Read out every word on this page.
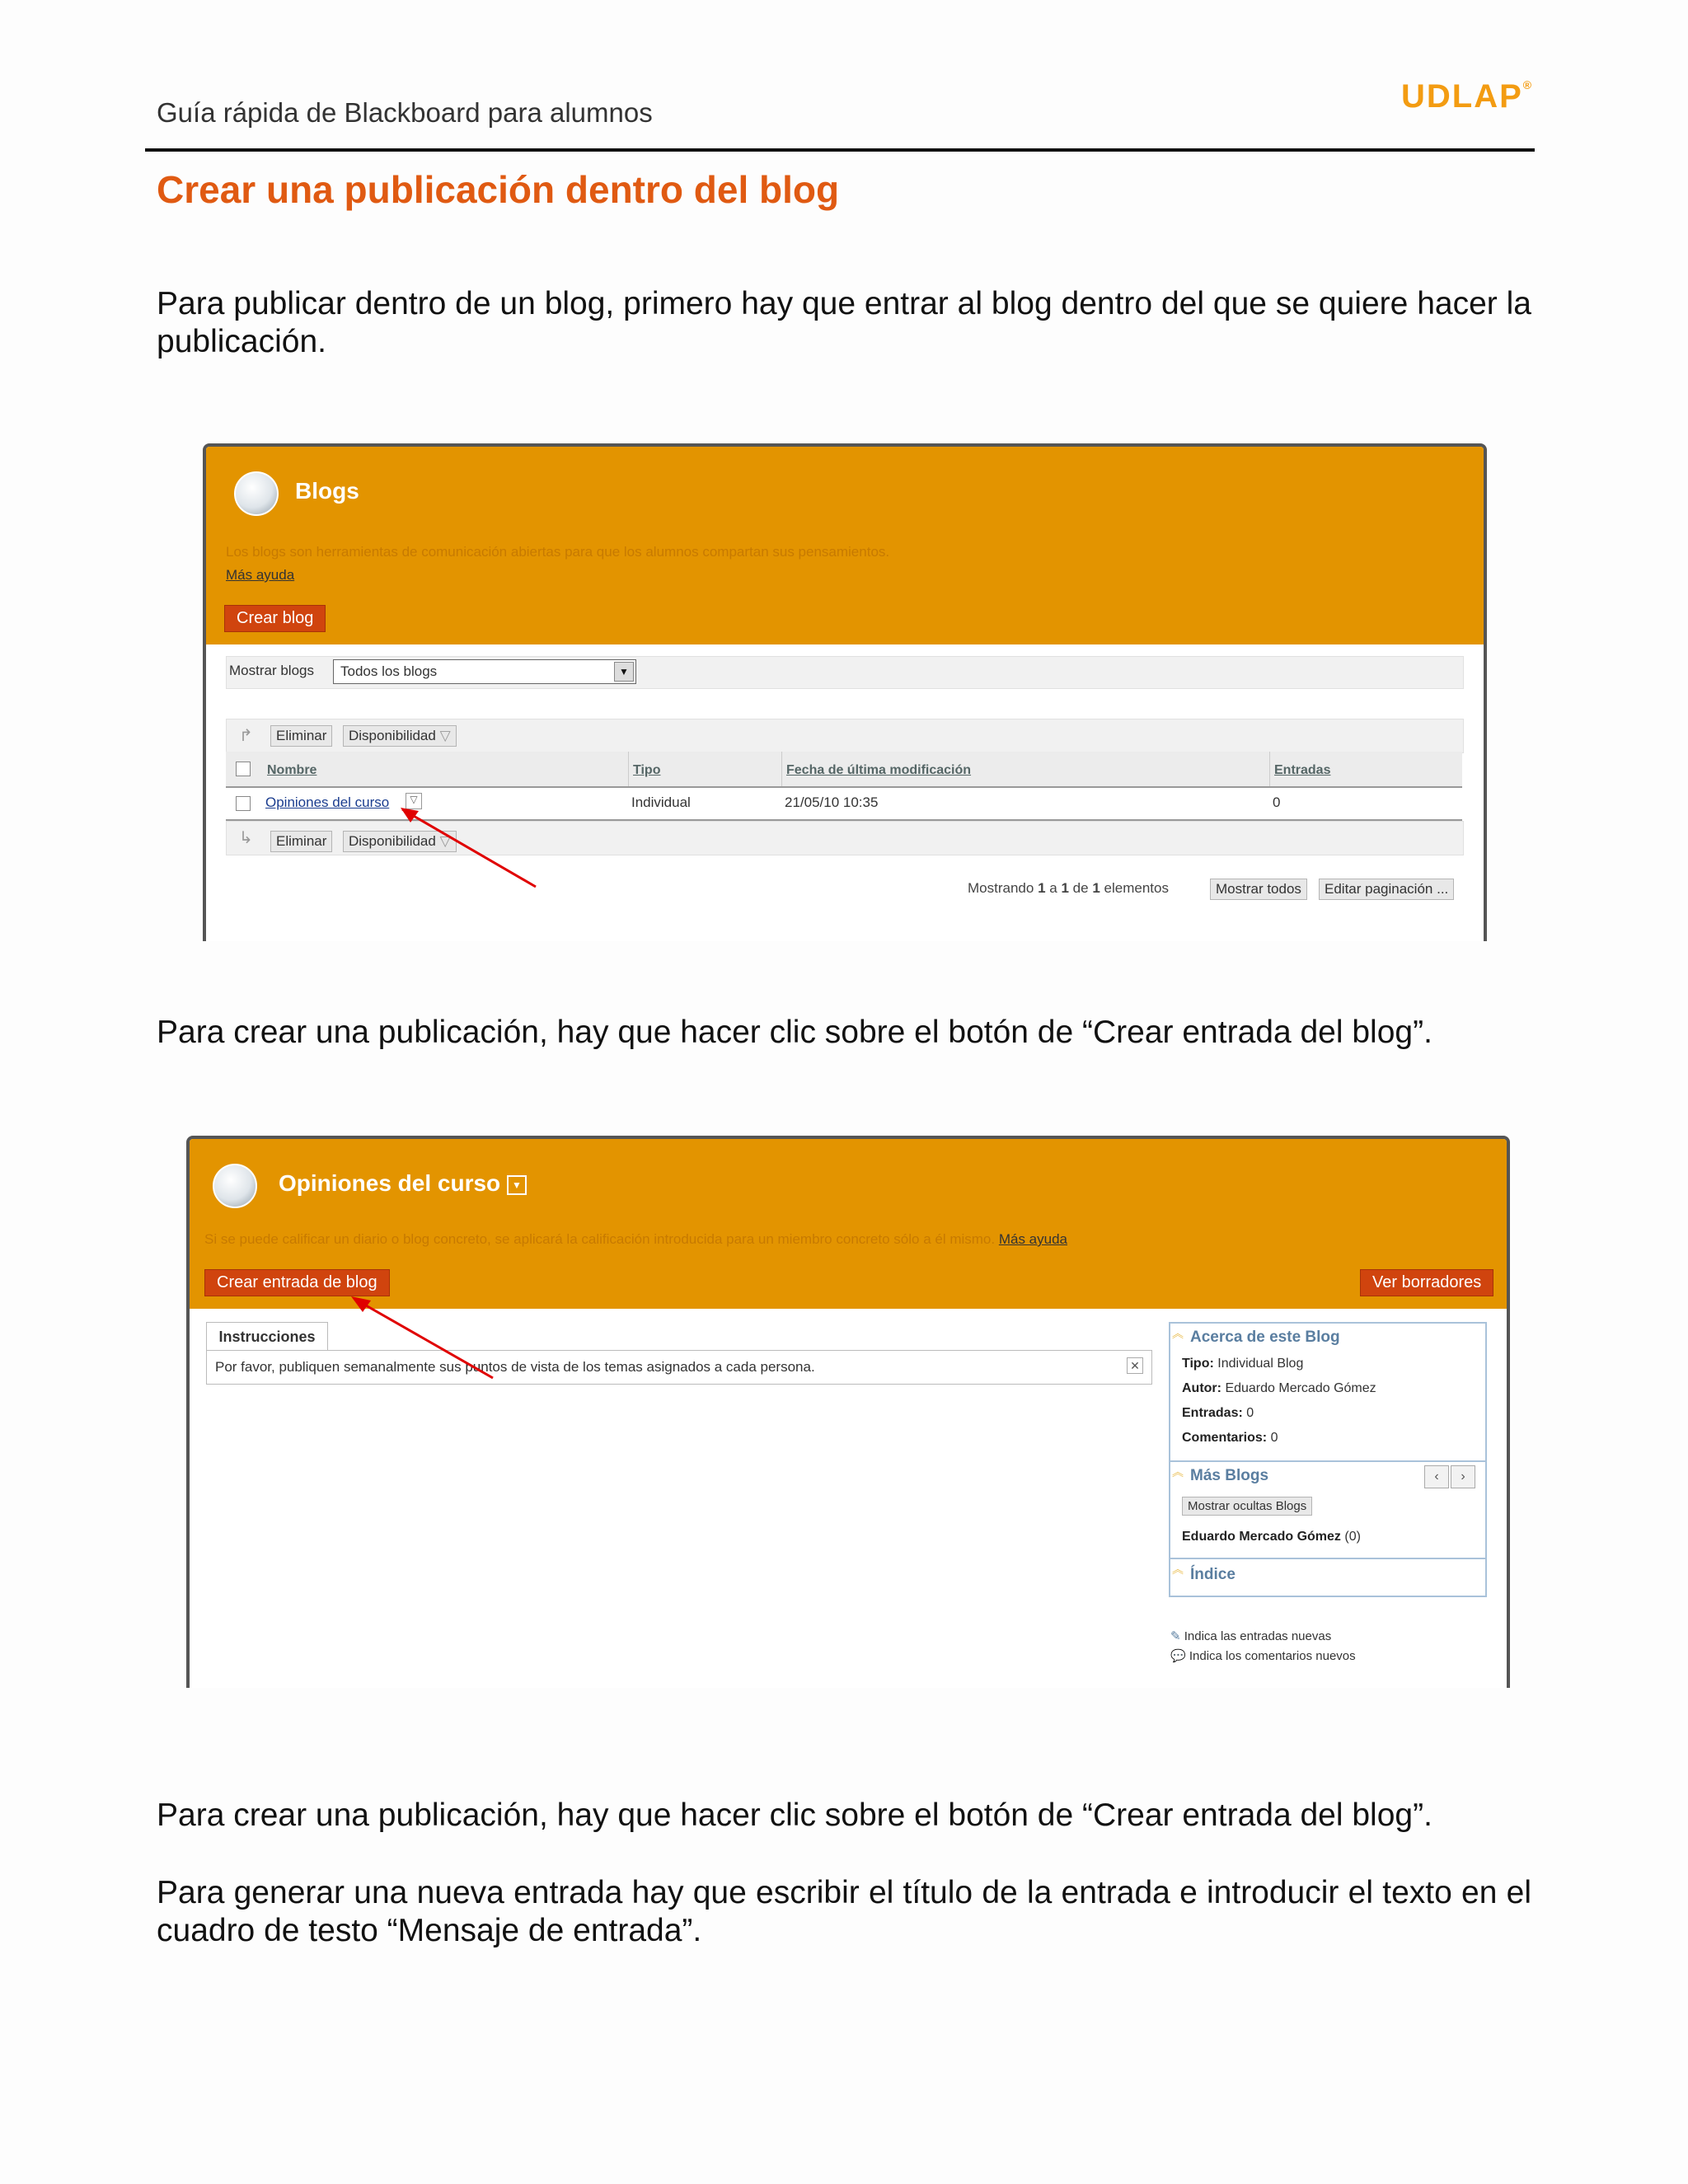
Guía rápida de Blackboard para alumnos	UDLAP®
Crear una publicación dentro del blog
Para publicar dentro de un blog, primero hay que entrar al blog dentro del que se quiere hacer la publicación.
Blogs
Los blogs son herramientas de comunicación abiertas para que los alumnos compartan sus pensamientos.
Más ayuda
Crear blog
Mostrar blogs Todos los blogs	▼
↱	Eliminar	Disponibilidad ▽
Nombre	Tipo	Fecha de última modificación	Entradas
Opiniones del curso	▽	Individual	21/05/10 10:35	0
↳	Eliminar	Disponibilidad ▽
Mostrando 1 a 1 de 1 elementos	Mostrar todos	Editar paginación ...
Para crear una publicación, hay que hacer clic sobre el botón de “Crear entrada del blog”.
Opiniones del curso ▼
Si se puede calificar un diario o blog concreto, se aplicará la calificación introducida para un miembro concreto sólo a él mismo. Más ayuda
Crear entrada de blog	Ver borradores
Instrucciones
Por favor, publiquen semanalmente sus puntos de vista de los temas asignados a cada persona.	✕
︽ Acerca de este Blog
Tipo: Individual Blog
Autor: Eduardo Mercado Gómez
Entradas: 0
Comentarios: 0
︽ Más Blogs	‹	›
Mostrar ocultas Blogs
Eduardo Mercado Gómez (0)
︽ Índice
✎ Indica las entradas nuevas
💬 Indica los comentarios nuevos
Para crear una publicación, hay que hacer clic sobre el botón de “Crear entrada del blog”.
Para generar una nueva entrada hay que escribir el título de la entrada e introducir el texto en el cuadro de testo “Mensaje de entrada”.
